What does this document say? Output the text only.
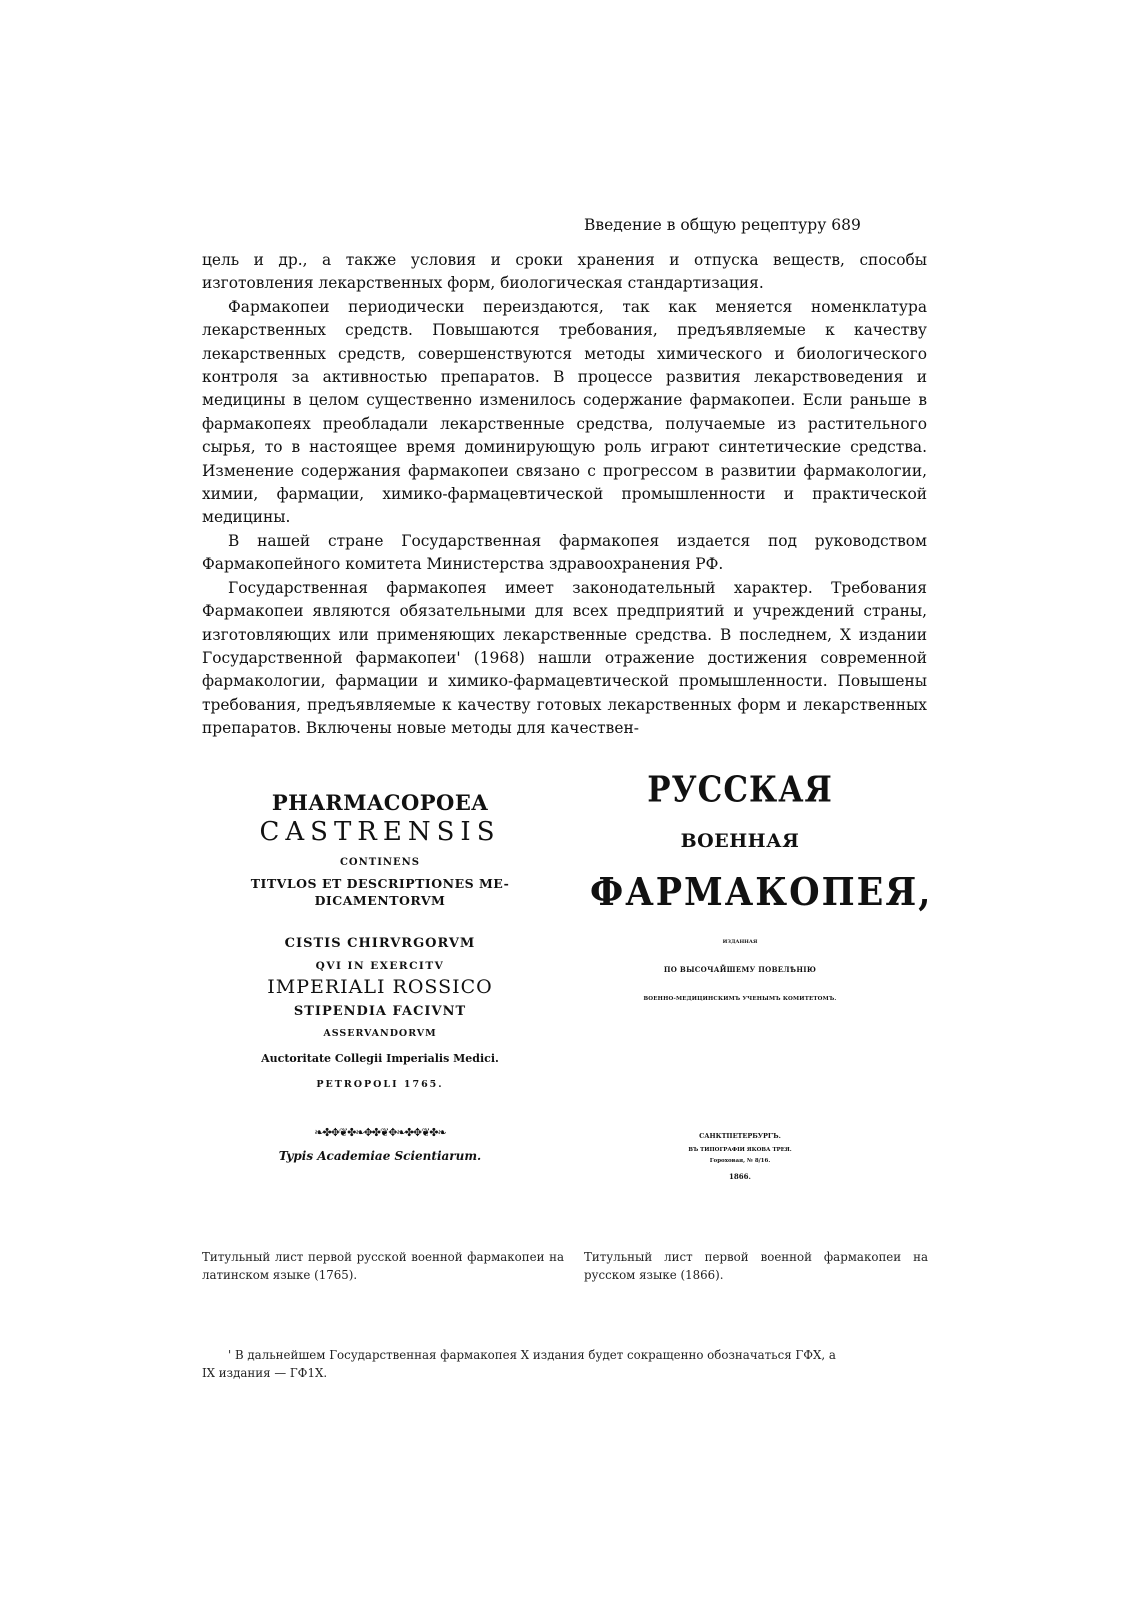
Введение в общую рецептуру 689

цель и др., а также условия и сроки хранения и отпуска веществ, способы изготовления лекарственных форм, биологическая стандартизация.

Фармакопеи периодически переиздаются, так как меняется номенклатура лекарственных средств. Повышаются требования, предъявляемые к качеству лекарственных средств, совершенствуются методы химического и биологического контроля за активностью препаратов. В процессе развития лекарствоведения и медицины в целом существенно изменилось содержание фармакопеи. Если раньше в фармакопеях преобладали лекарственные средства, получаемые из растительного сырья, то в настоящее время доминирующую роль играют синтетические средства. Изменение содержания фармакопеи связано с прогрессом в развитии фармакологии, химии, фармации, химико-фармацевтической промышленности и практической медицины.

В нашей стране Государственная фармакопея издается под руководством Фармакопейного комитета Министерства здравоохранения РФ.

Государственная фармакопея имеет законодательный характер. Требования Фармакопеи являются обязательными для всех предприятий и учреждений страны, изготовляющих или применяющих лекарственные средства. В последнем, X издании Государственной фармакопеи' (1968) нашли отражение достижения современной фармакологии, фармации и химико-фармацевтической промышленности. Повышены требования, предъявляемые к качеству готовых лекарственных форм и лекарственных препаратов. Включены новые методы для качествен-

PHARMACOPOEA
CASTRENSIS
CONTINENS
TITVLOS ET DESCRIPTIONES ME-
DICAMENTORVM
CISTIS CHIRVRGORVM
QVI IN EXERCITV
IMPERIALI ROSSICO
STIPENDIA FACIVNT
ASSERVANDORVM
Auctoritate Collegii Imperialis Medici.
PETROPOLI 1765.
❧✤✥❦✤❧✥✤❦✥❧✤✥❦✤❧
Typis Academiae Scientiarum.
РУССКАЯ
ВОЕННАЯ
ФАРМАКОПЕЯ,
ИЗДАННАЯ
ПО ВЫСОЧАЙШЕМУ ПОВЕЛѢНІЮ
ВОЕННО-МЕДИЦИНСКИМЪ УЧЕНЫМЪ КОМИТЕТОМЪ.
САНКТПЕТЕРБУРГЪ.
ВЪ ТИПОГРАФІИ ЯКОВА ТРЕЯ.
Гороховая, № 8/16.
1866.
Титульный лист первой русской военной фармакопеи на латинском языке (1765).
Титульный лист первой военной фармакопеи на русском языке (1866).
' В дальнейшем Государственная фармакопея X издания будет сокращенно обозначаться ГФХ, а
IX издания — ГФ1Х.
